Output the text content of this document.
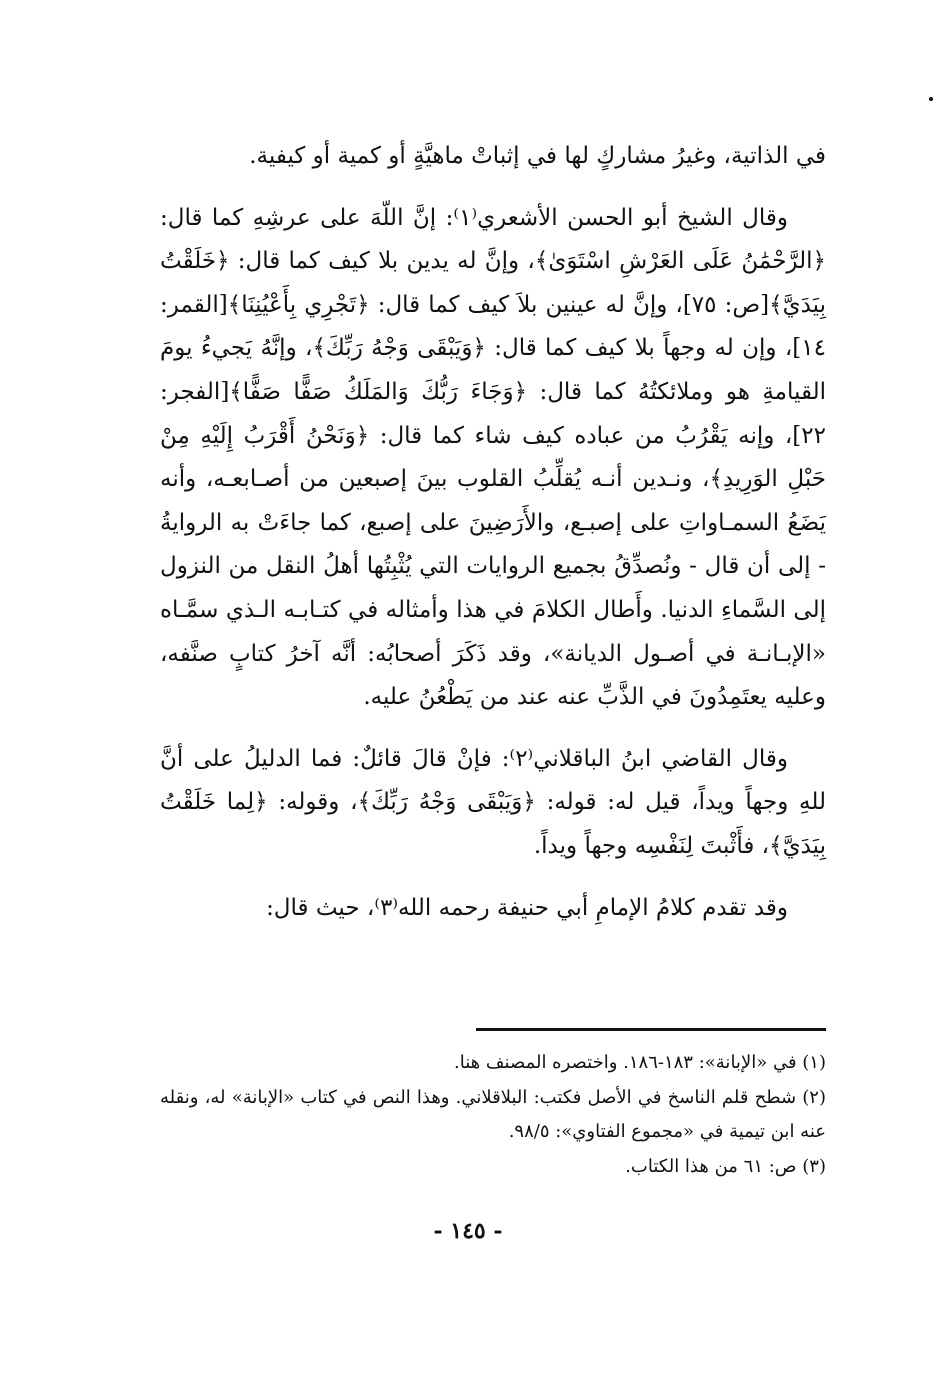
في الذاتية، وغيرُ مشاركٍ لها في إثباتْ ماهيَّةٍ أو كمية أو كيفية.

وقال الشيخ أبو الحسن الأشعري⁽١⁾: إنَّ اللّهَ على عرشِهِ كما قال: ﴿الرَّحْمَٰنُ عَلَى العَرْشِ اسْتَوَىٰ﴾، وإنَّ له يدين بلا كيف كما قال: ﴿خَلَقْتُ بِيَدَيَّ﴾[ص: ٧٥]، وإنَّ له عينين بلاَ كيف كما قال: ﴿تَجْرِي بِأَعْيُنِنَا﴾[القمر: ١٤]، وإن له وجهاً بلا كيف كما قال: ﴿وَيَبْقَى وَجْهُ رَبِّكَ﴾، وإنَّهُ يَجيءُ يومَ القيامةِ هو وملائكتُهُ كما قال: ﴿وَجَاءَ رَبُّكَ وَالمَلَكُ صَفًّا صَفًّا﴾[الفجر: ٢٢]، وإنه يَقْرُبُ من عباده كيف شاء كما قال: ﴿وَنَحْنُ أَقْرَبُ إِلَيْهِ مِنْ حَبْلِ الوَرِيدِ﴾، ونـدين أنـه يُقلِّبُ القلوب بينَ إصبعين من أصـابعـه، وأنه يَضَعُ السمـاواتِ على إصبـع، والأَرَضِينَ على إصبع، كما جاءَتْ به الروايةُ - إلى أن قال - ونُصدِّقُ بجميع الروايات التي يُثْبِتُها أهلُ النقل من النزول إلى السَّماءِ الدنيا. وأَطال الكلامَ في هذا وأمثاله في كتـابـه الـذي سمَّـاه «الإبـانـة في أصـول الديانة»، وقد ذَكَرَ أصحابُه: أنَّه آخرُ كتابٍ صنَّفه، وعليه يعتَمِدُونَ في الذَّبِّ عنه عند من يَطْعُنُ عليه.

وقال القاضي ابنُ الباقلاني⁽٢⁾: فإنْ قالَ قائلٌ: فما الدليلُ على أنَّ للهِ وجهاً ويداً، قيل له: قوله: ﴿وَيَبْقَى وَجْهُ رَبِّكَ﴾، وقوله: ﴿لِما خَلَقْتُ بِيَدَيَّ﴾، فأَثْبتَ لِنَفْسِه وجهاً ويداً.

وقد تقدم كلامُ الإمامِ أبي حنيفة رحمه الله⁽٣⁾، حيث قال:

(١) في «الإبانة»: ١٨٣-١٨٦. واختصره المصنف هنا.

(٢) شطح قلم الناسخ في الأصل فكتب: البلاقلاني. وهذا النص في كتاب «الإبانة» له، ونقله عنه ابن تيمية في «مجموع الفتاوي»: ٩٨/٥.

(٣) ص: ٦١ من هذا الكتاب.

- ١٤٥ -
